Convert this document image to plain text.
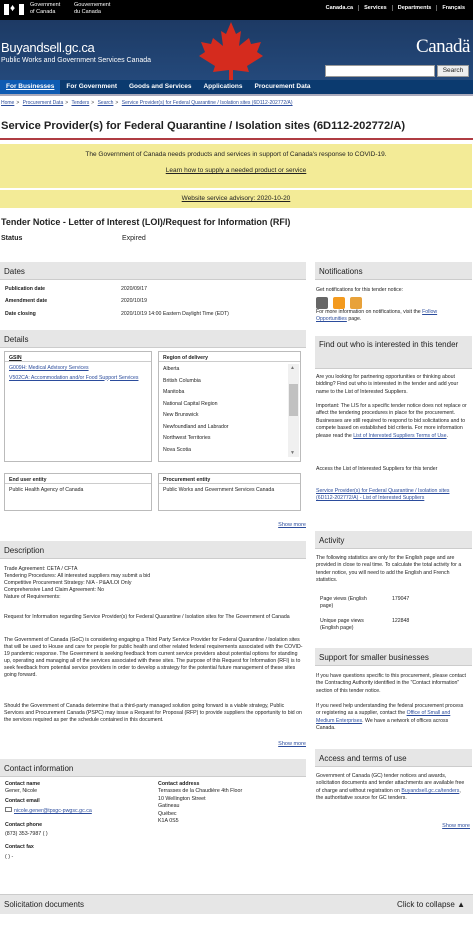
♦
Government
of Canada
Gouvernement
du Canada
Canada.ca	Services	Departments	Français
Buyandsell.gc.ca
Public Works and Government Services Canada
Canadä
Search
For Businesses	For Government	Goods and Services	Applications	Procurement Data
Home > Procurement Data > Tenders > Search > Service Provider(s) for Federal Quarantine / Isolation sites (6D112-202772/A)
Service Provider(s) for Federal Quarantine / Isolation sites (6D112-202772/A)
The Government of Canada needs products and services in support of Canada's response to COVID-19.
Learn how to supply a needed product or service
Website service advisory: 2020-10-20
Tender Notice - Letter of Interest (LOI)/Request for Information (RFI)
Status	Expired
Dates
Publication date	2020/09/17
Amendment date	2020/10/19
Date closing	2020/10/19 14:00 Eastern Daylight Time (EDT)
Details
GSIN
G009H: Medical Advisory Services
V502CA: Accommodation and/or Food Support Services
Region of delivery
Alberta
British Columbia
Manitoba
National Capital Region
New Brunswick
Newfoundland and Labrador
Northwest Territories
Nova Scotia
▲
▼
End user entity
Public Health Agency of Canada
Procurement entity
Public Works and Government Services Canada
Show more
Description
Trade Agreement: CETA / CFTA
Tendering Procedures: All interested suppliers may submit a bid
Competitive Procurement Strategy: N/A - P&A/LOI Only
Comprehensive Land Claim Agreement: No
Nature of Requirements:
Request for Information regarding Service Provider(s) for Federal Quarantine / Isolation sites for The Government of Canada
The Government of Canada (GoC) is considering engaging a Third Party Service Provider for Federal Quarantine / Isolation sites that will be used to House and care for people for public health and other related federal requirements associated with the COVID-19 pandemic response. The Government is seeking feedback from current service providers about potential options for standing up, operating and managing all of the services associated with these sites. The purpose of this Request for Information (RFI) is to seek feedback from potential service providers in order to develop a strategy for the potential future management of these sites going forward.
Should the Government of Canada determine that a third-party managed solution going forward is a viable strategy, Public Services and Procurement Canada (PSPC) may issue a Request for Proposal (RFP) to provide suppliers the opportunity to bid on the services required as per the schedule contained in this document.
Show more
Contact information
Contact name
Gener, Nicole
Contact email
nicole.gener@tpsgc-pwgsc.gc.ca
Contact phone
(873) 353-7987 ( )
Contact fax
( ) -
Contact address
Terrasses de la Chaudière 4th Floor
10 Wellington Street
Gatineau
Québec
K1A 0S5
Notifications
Get notifications for this tender notice:
For more information on notifications, visit the Follow Opportunities page.
Find out who is interested in this tender
Are you looking for partnering opportunities or thinking about bidding? Find out who is interested in the tender and add your name to the List of Interested Suppliers.
Important: The LIS for a specific tender notice does not replace or affect the tendering procedures in place for the procurement. Businesses are still required to respond to bid solicitations and to compete based on established bid criteria. For more information please read the List of Interested Suppliers Terms of Use.
Access the List of Interested Suppliers for this tender
Service Provider(s) for Federal Quarantine / Isolation sites (6D112-202772/A) - List of Interested Suppliers
Activity
The following statistics are only for the English page and are provided in close to real time. To calculate the total activity for a tender notice, you will need to add the English and French statistics.
Page views (English page)
179047
Unique page views (English page)
122848
Support for smaller businesses
If you have questions specific to this procurement, please contact the Contracting Authority identified in the "Contact information" section of this tender notice.
If you need help understanding the federal procurement process or registering as a supplier, contact the Office of Small and Medium Enterprises. We have a network of offices across Canada.
Access and terms of use
Government of Canada (GC) tender notices and awards, solicitation documents and tender attachments are available free of charge and without registration on Buyandsell.gc.ca/tenders, the authoritative source for GC tenders.
Show more
Solicitation documents	Click to collapse ▲
